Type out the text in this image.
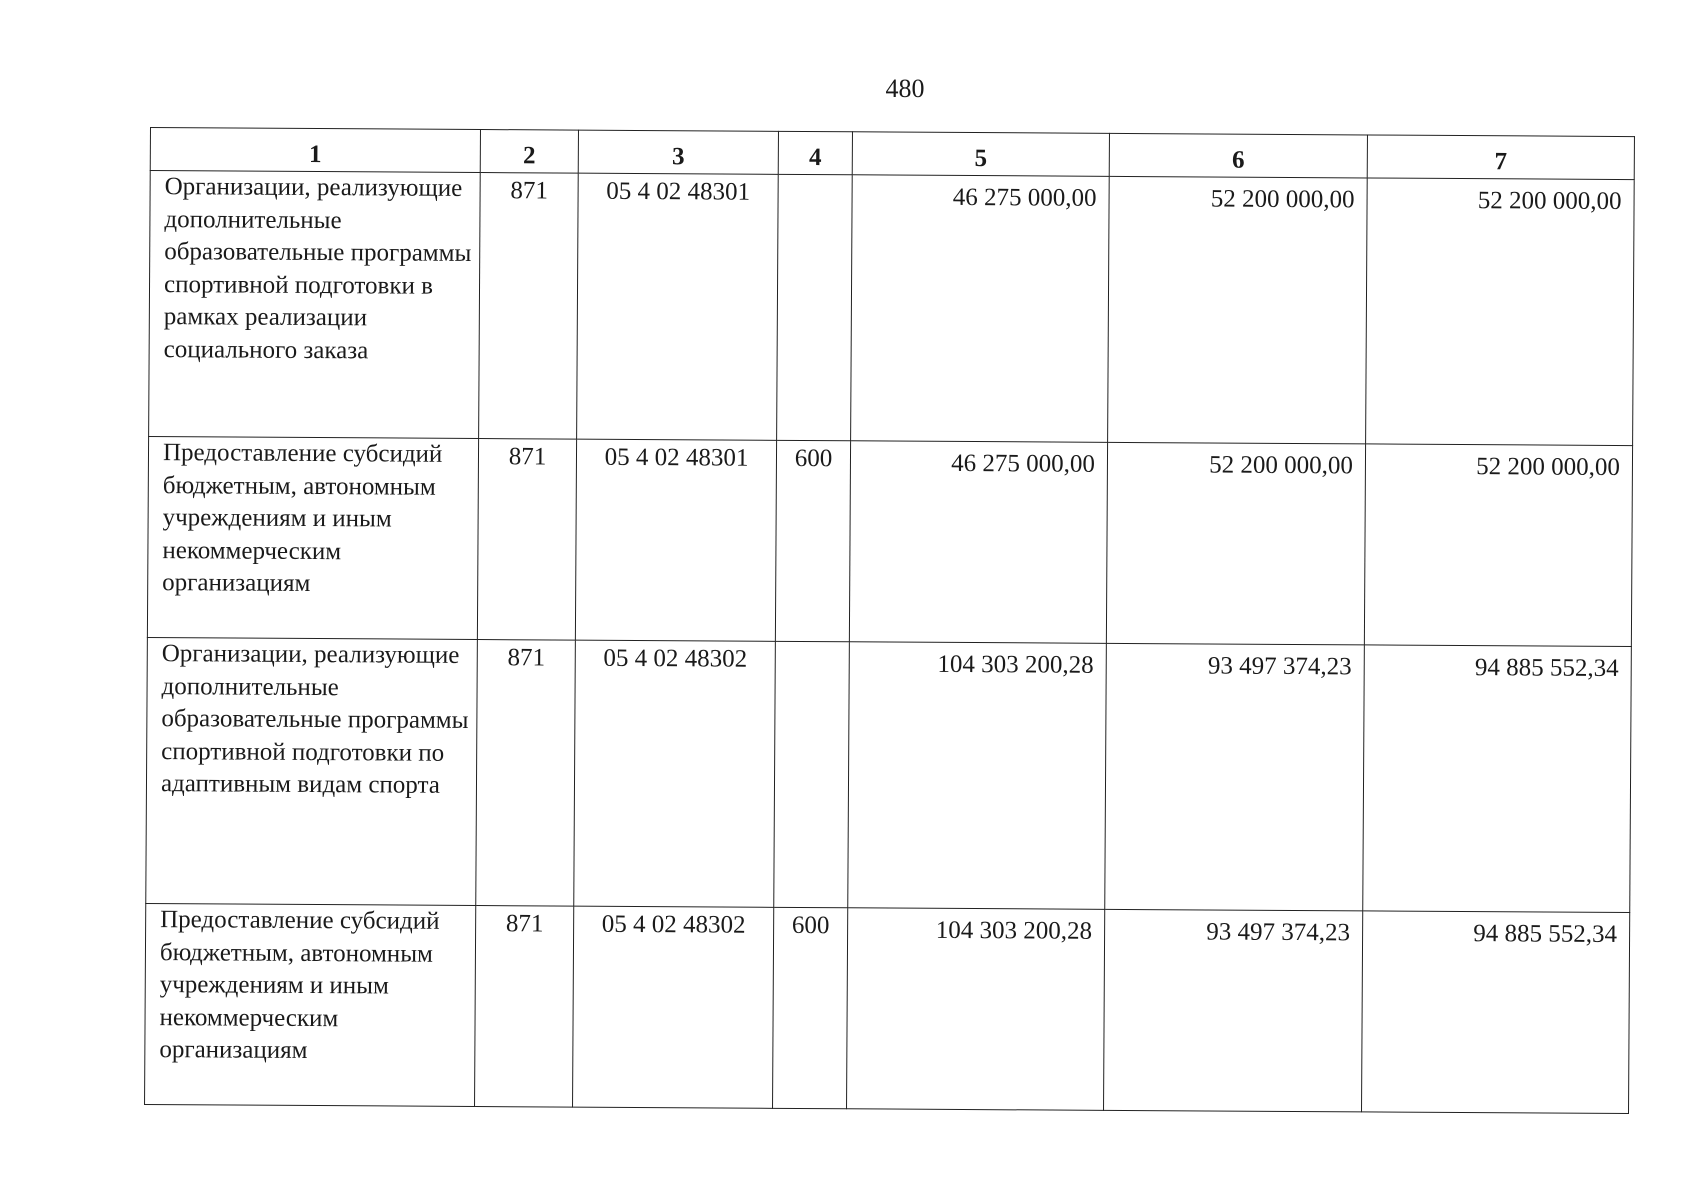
480
1	2	3	4	5	6	7
Организации, реализующие дополнительные образовательные программы спортивной подготовки в рамках реализации социального заказа	871	05 4 02 48301		46 275 000,00	52 200 000,00	52 200 000,00
Предоставление субсидий бюджетным, автономным учреждениям и иным некоммерческим организациям	871	05 4 02 48301	600	46 275 000,00	52 200 000,00	52 200 000,00
Организации, реализующие дополнительные образовательные программы спортивной подготовки по адаптивным видам спорта	871	05 4 02 48302		104 303 200,28	93 497 374,23	94 885 552,34
Предоставление субсидий бюджетным, автономным учреждениям и иным некоммерческим организациям	871	05 4 02 48302	600	104 303 200,28	93 497 374,23	94 885 552,34
